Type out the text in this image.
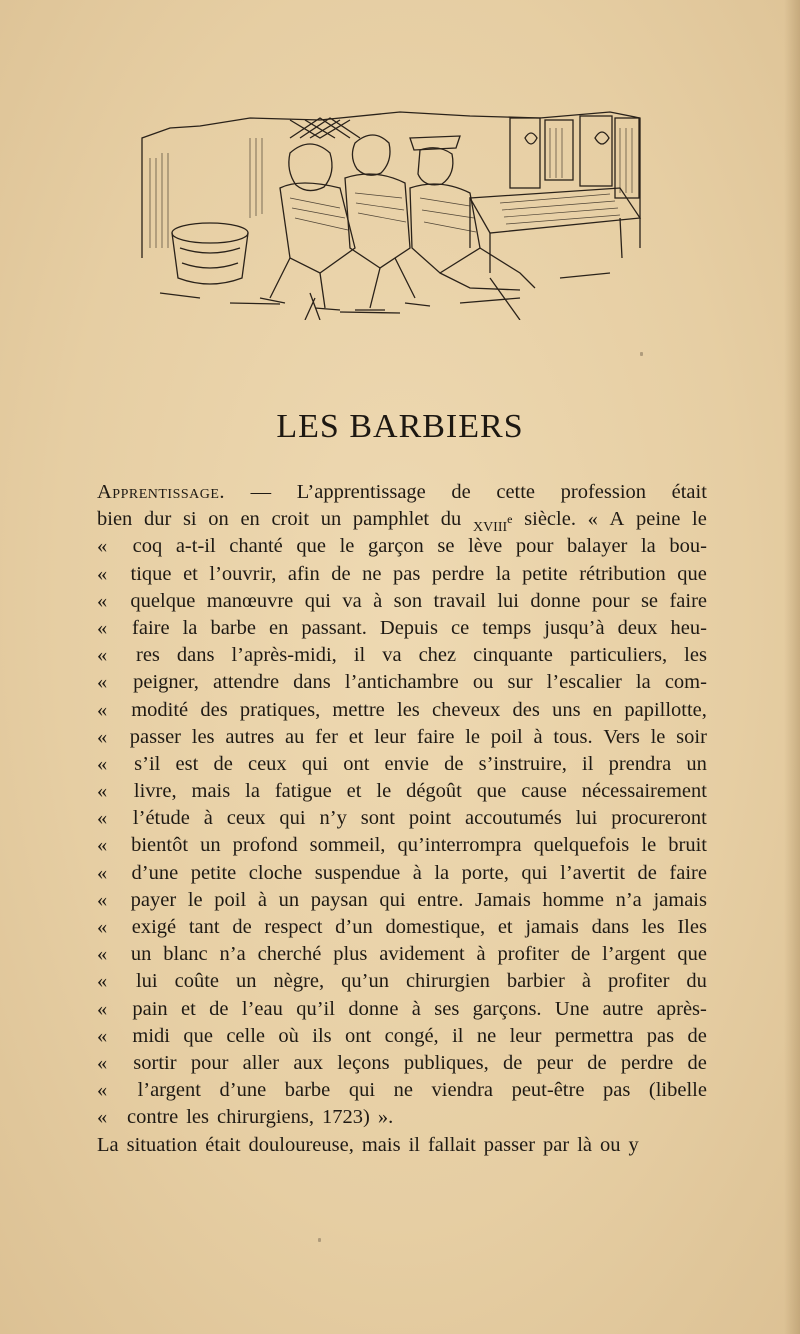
LES BARBIERS
Apprentissage. — L’apprentissage de cette profession était
bien dur si on en croit un pamphlet du xviii$^e$ siècle. « A peine le
«	coq a-t-il chanté que le garçon se lève pour balayer la bou-
«	tique et l’ouvrir, afin de ne pas perdre la petite rétribution que
«	quelque manœuvre qui va à son travail lui donne pour se faire
«	faire la barbe en passant. Depuis ce temps jusqu’à deux heu-
«	res dans l’après-midi, il va chez cinquante particuliers, les
«	peigner, attendre dans l’antichambre ou sur l’escalier la com-
«	modité des pratiques, mettre les cheveux des uns en papillotte,
«	passer les autres au fer et leur faire le poil à tous. Vers le soir
«	s’il est de ceux qui ont envie de s’instruire, il prendra un
«	livre, mais la fatigue et le dégoût que cause nécessairement
«	l’étude à ceux qui n’y sont point accoutumés lui procureront
«	bientôt un profond sommeil, qu’interrompra quelquefois le bruit
«	d’une petite cloche suspendue à la porte, qui l’avertit de faire
«	payer le poil à un paysan qui entre. Jamais homme n’a jamais
«	exigé tant de respect d’un domestique, et jamais dans les Iles
«	un blanc n’a cherché plus avidement à profiter de l’argent que
«	lui coûte un nègre, qu’un chirurgien barbier à profiter du
«	pain et de l’eau qu’il donne à ses garçons. Une autre après-
«	midi que celle où ils ont congé, il ne leur permettra pas de
«	sortir pour aller aux leçons publiques, de peur de perdre de
«	l’argent d’une barbe qui ne viendra peut-être pas (libelle
« contre les chirurgiens, 1723) ».
La situation était douloureuse, mais il fallait passer par là ou y
